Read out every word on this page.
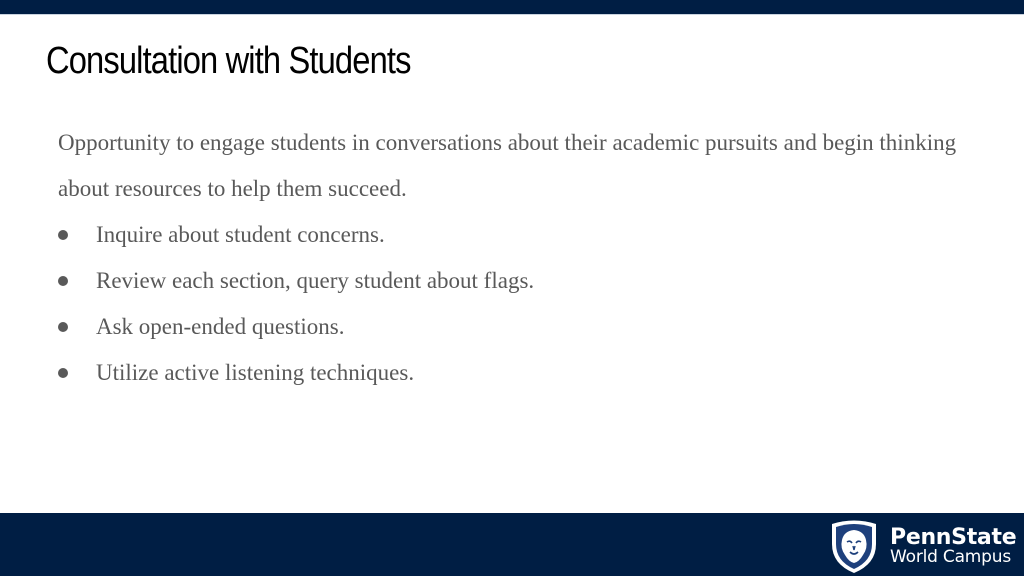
Consultation with Students

Opportunity to engage students in conversations about their academic pursuits and begin thinking about resources to help them succeed.

Inquire about student concerns.
Review each section, query student about flags.
Ask open-ended questions.
Utilize active listening techniques.
PennState
World Campus
